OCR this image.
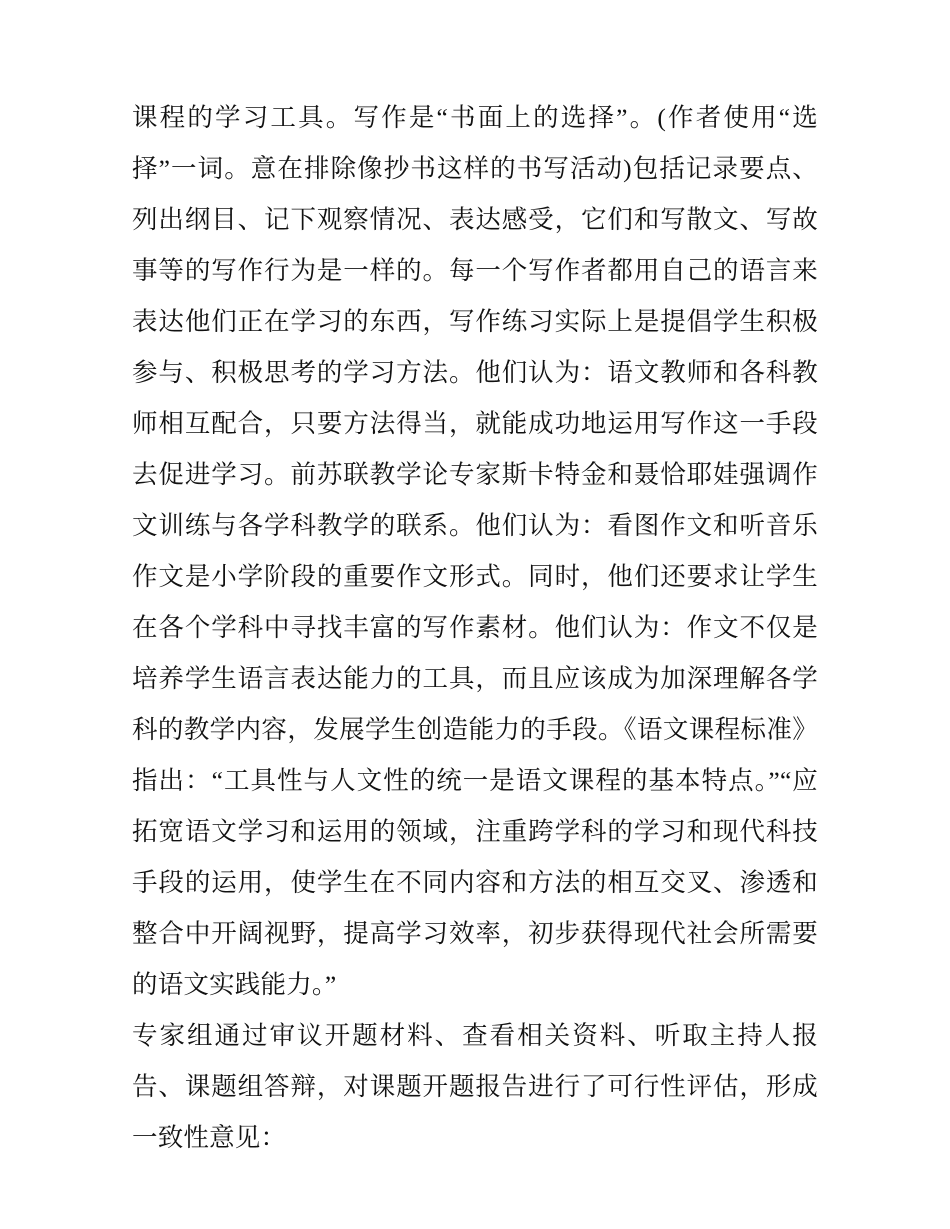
课程的学习工具。写作是“书面上的选择”。(作者使用“选择”一词。意在排除像抄书这样的书写活动)包括记录要点、列出纲目、记下观察情况、表达感受，它们和写散文、写故事等的写作行为是一样的。每一个写作者都用自己的语言来表达他们正在学习的东西，写作练习实际上是提倡学生积极参与、积极思考的学习方法。他们认为：语文教师和各科教师相互配合，只要方法得当，就能成功地运用写作这一手段去促进学习。前苏联教学论专家斯卡特金和聂恰耶娃强调作文训练与各学科教学的联系。他们认为：看图作文和听音乐作文是小学阶段的重要作文形式。同时，他们还要求让学生在各个学科中寻找丰富的写作素材。他们认为：作文不仅是培养学生语言表达能力的工具，而且应该成为加深理解各学科的教学内容，发展学生创造能力的手段。《语文课程标准》指出：“工具性与人文性的统一是语文课程的基本特点。”“应拓宽语文学习和运用的领域，注重跨学科的学习和现代科技手段的运用，使学生在不同内容和方法的相互交叉、渗透和整合中开阔视野，提高学习效率，初步获得现代社会所需要的语文实践能力。”

专家组通过审议开题材料、查看相关资料、听取主持人报告、课题组答辩，对课题开题报告进行了可行性评估，形成一致性意见：
